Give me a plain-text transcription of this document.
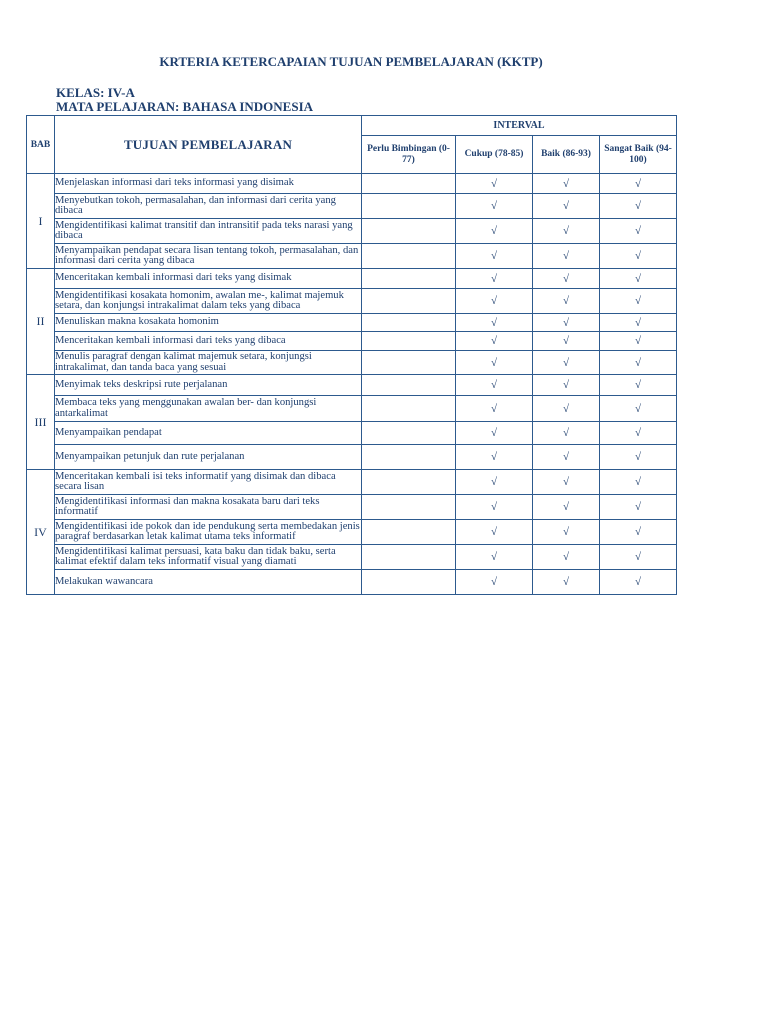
KRTERIA KETERCAPAIAN TUJUAN PEMBELAJARAN (KKTP)
KELAS: IV-A
MATA PELAJARAN: BAHASA INDONESIA
BAB	TUJUAN PEMBELAJARAN	INTERVAL			
		Perlu Bimbingan (0-77)	Cukup (78-85)	Baik (86-93)	Sangat Baik (94-100)
I	Menjelaskan informasi dari teks informasi yang disimak		√	√	√

	Menyebutkan tokoh, permasalahan, dan informasi dari cerita yang dibaca		√	√	√

	Mengidentifikasi kalimat transitif dan intransitif pada teks narasi yang dibaca		√	√	√

	Menyampaikan pendapat secara lisan tentang tokoh, permasalahan, dan informasi dari cerita yang dibaca		√	√	√
II	Menceritakan kembali informasi dari teks yang disimak		√	√	√

	Mengidentifikasi kosakata homonim, awalan me-, kalimat majemuk setara, dan konjungsi intrakalimat dalam teks yang dibaca		√	√	√

	Menuliskan makna kosakata homonim		√	√	√

	Menceritakan kembali informasi dari teks yang dibaca		√	√	√

	Menulis paragraf dengan kalimat majemuk setara, konjungsi intrakalimat, dan tanda baca yang sesuai		√	√	√
III	Menyimak teks deskripsi rute perjalanan		√	√	√

	Membaca teks yang menggunakan awalan ber- dan konjungsi antarkalimat		√	√	√

	Menyampaikan pendapat		√	√	√

	Menyampaikan petunjuk dan rute perjalanan		√	√	√
IV	Menceritakan kembali isi teks informatif yang disimak dan dibaca secara lisan		√	√	√

	Mengidentifikasi informasi dan makna kosakata baru dari teks informatif		√	√	√

	Mengidentifikasi ide pokok dan ide pendukung serta membedakan jenis paragraf berdasarkan letak kalimat utama teks informatif		√	√	√

	Mengidentifikasi kalimat persuasi, kata baku dan tidak baku, serta kalimat efektif dalam teks informatif visual yang diamati		√	√	√

	Melakukan wawancara		√	√	√
